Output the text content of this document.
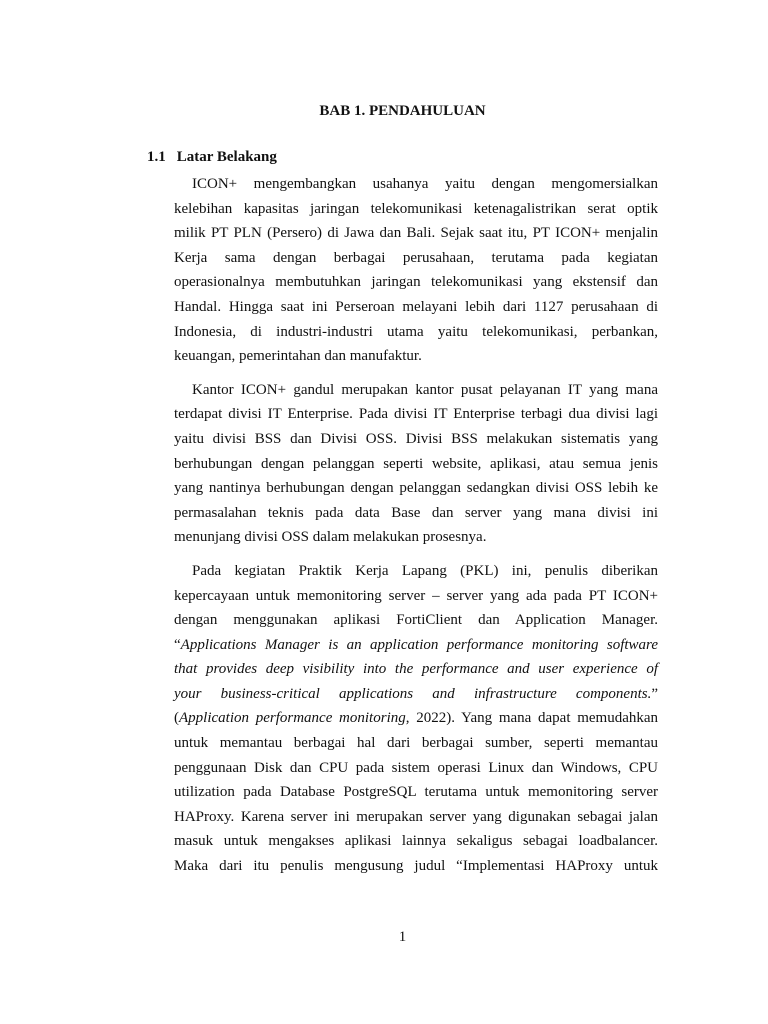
BAB 1. PENDAHULUAN
1.1 Latar Belakang

ICON+ mengembangkan usahanya yaitu dengan mengomersialkan
kelebihan kapasitas jaringan telekomunikasi ketenagalistrikan serat optik
milik PT PLN (Persero) di Jawa dan Bali. Sejak saat itu, PT ICON+ menjalin
Kerja sama dengan berbagai perusahaan, terutama pada kegiatan
operasionalnya membutuhkan jaringan telekomunikasi yang ekstensif dan
Handal. Hingga saat ini Perseroan melayani lebih dari 1127 perusahaan di
Indonesia, di industri-industri utama yaitu telekomunikasi, perbankan,
keuangan, pemerintahan dan manufaktur.

Kantor ICON+ gandul merupakan kantor pusat pelayanan IT yang mana
terdapat divisi IT Enterprise. Pada divisi IT Enterprise terbagi dua divisi lagi
yaitu divisi BSS dan Divisi OSS. Divisi BSS melakukan sistematis yang
berhubungan dengan pelanggan seperti website, aplikasi, atau semua jenis
yang nantinya berhubungan dengan pelanggan sedangkan divisi OSS lebih ke
permasalahan teknis pada data Base dan server yang mana divisi ini
menunjang divisi OSS dalam melakukan prosesnya.

Pada kegiatan Praktik Kerja Lapang (PKL) ini, penulis diberikan
kepercayaan untuk memonitoring server – server yang ada pada PT ICON+
dengan menggunakan aplikasi FortiClient dan Application Manager.
“Applications Manager is an application performance monitoring software
that provides deep visibility into the performance and user experience of
your business-critical applications and infrastructure components.”
(Application performance monitoring, 2022). Yang mana dapat memudahkan
untuk memantau berbagai hal dari berbagai sumber, seperti memantau
penggunaan Disk dan CPU pada sistem operasi Linux dan Windows, CPU
utilization pada Database PostgreSQL terutama untuk memonitoring server
HAProxy. Karena server ini merupakan server yang digunakan sebagai jalan
masuk untuk mengakses aplikasi lainnya sekaligus sebagai loadbalancer.
Maka dari itu penulis mengusung judul “Implementasi HAProxy untuk

1
